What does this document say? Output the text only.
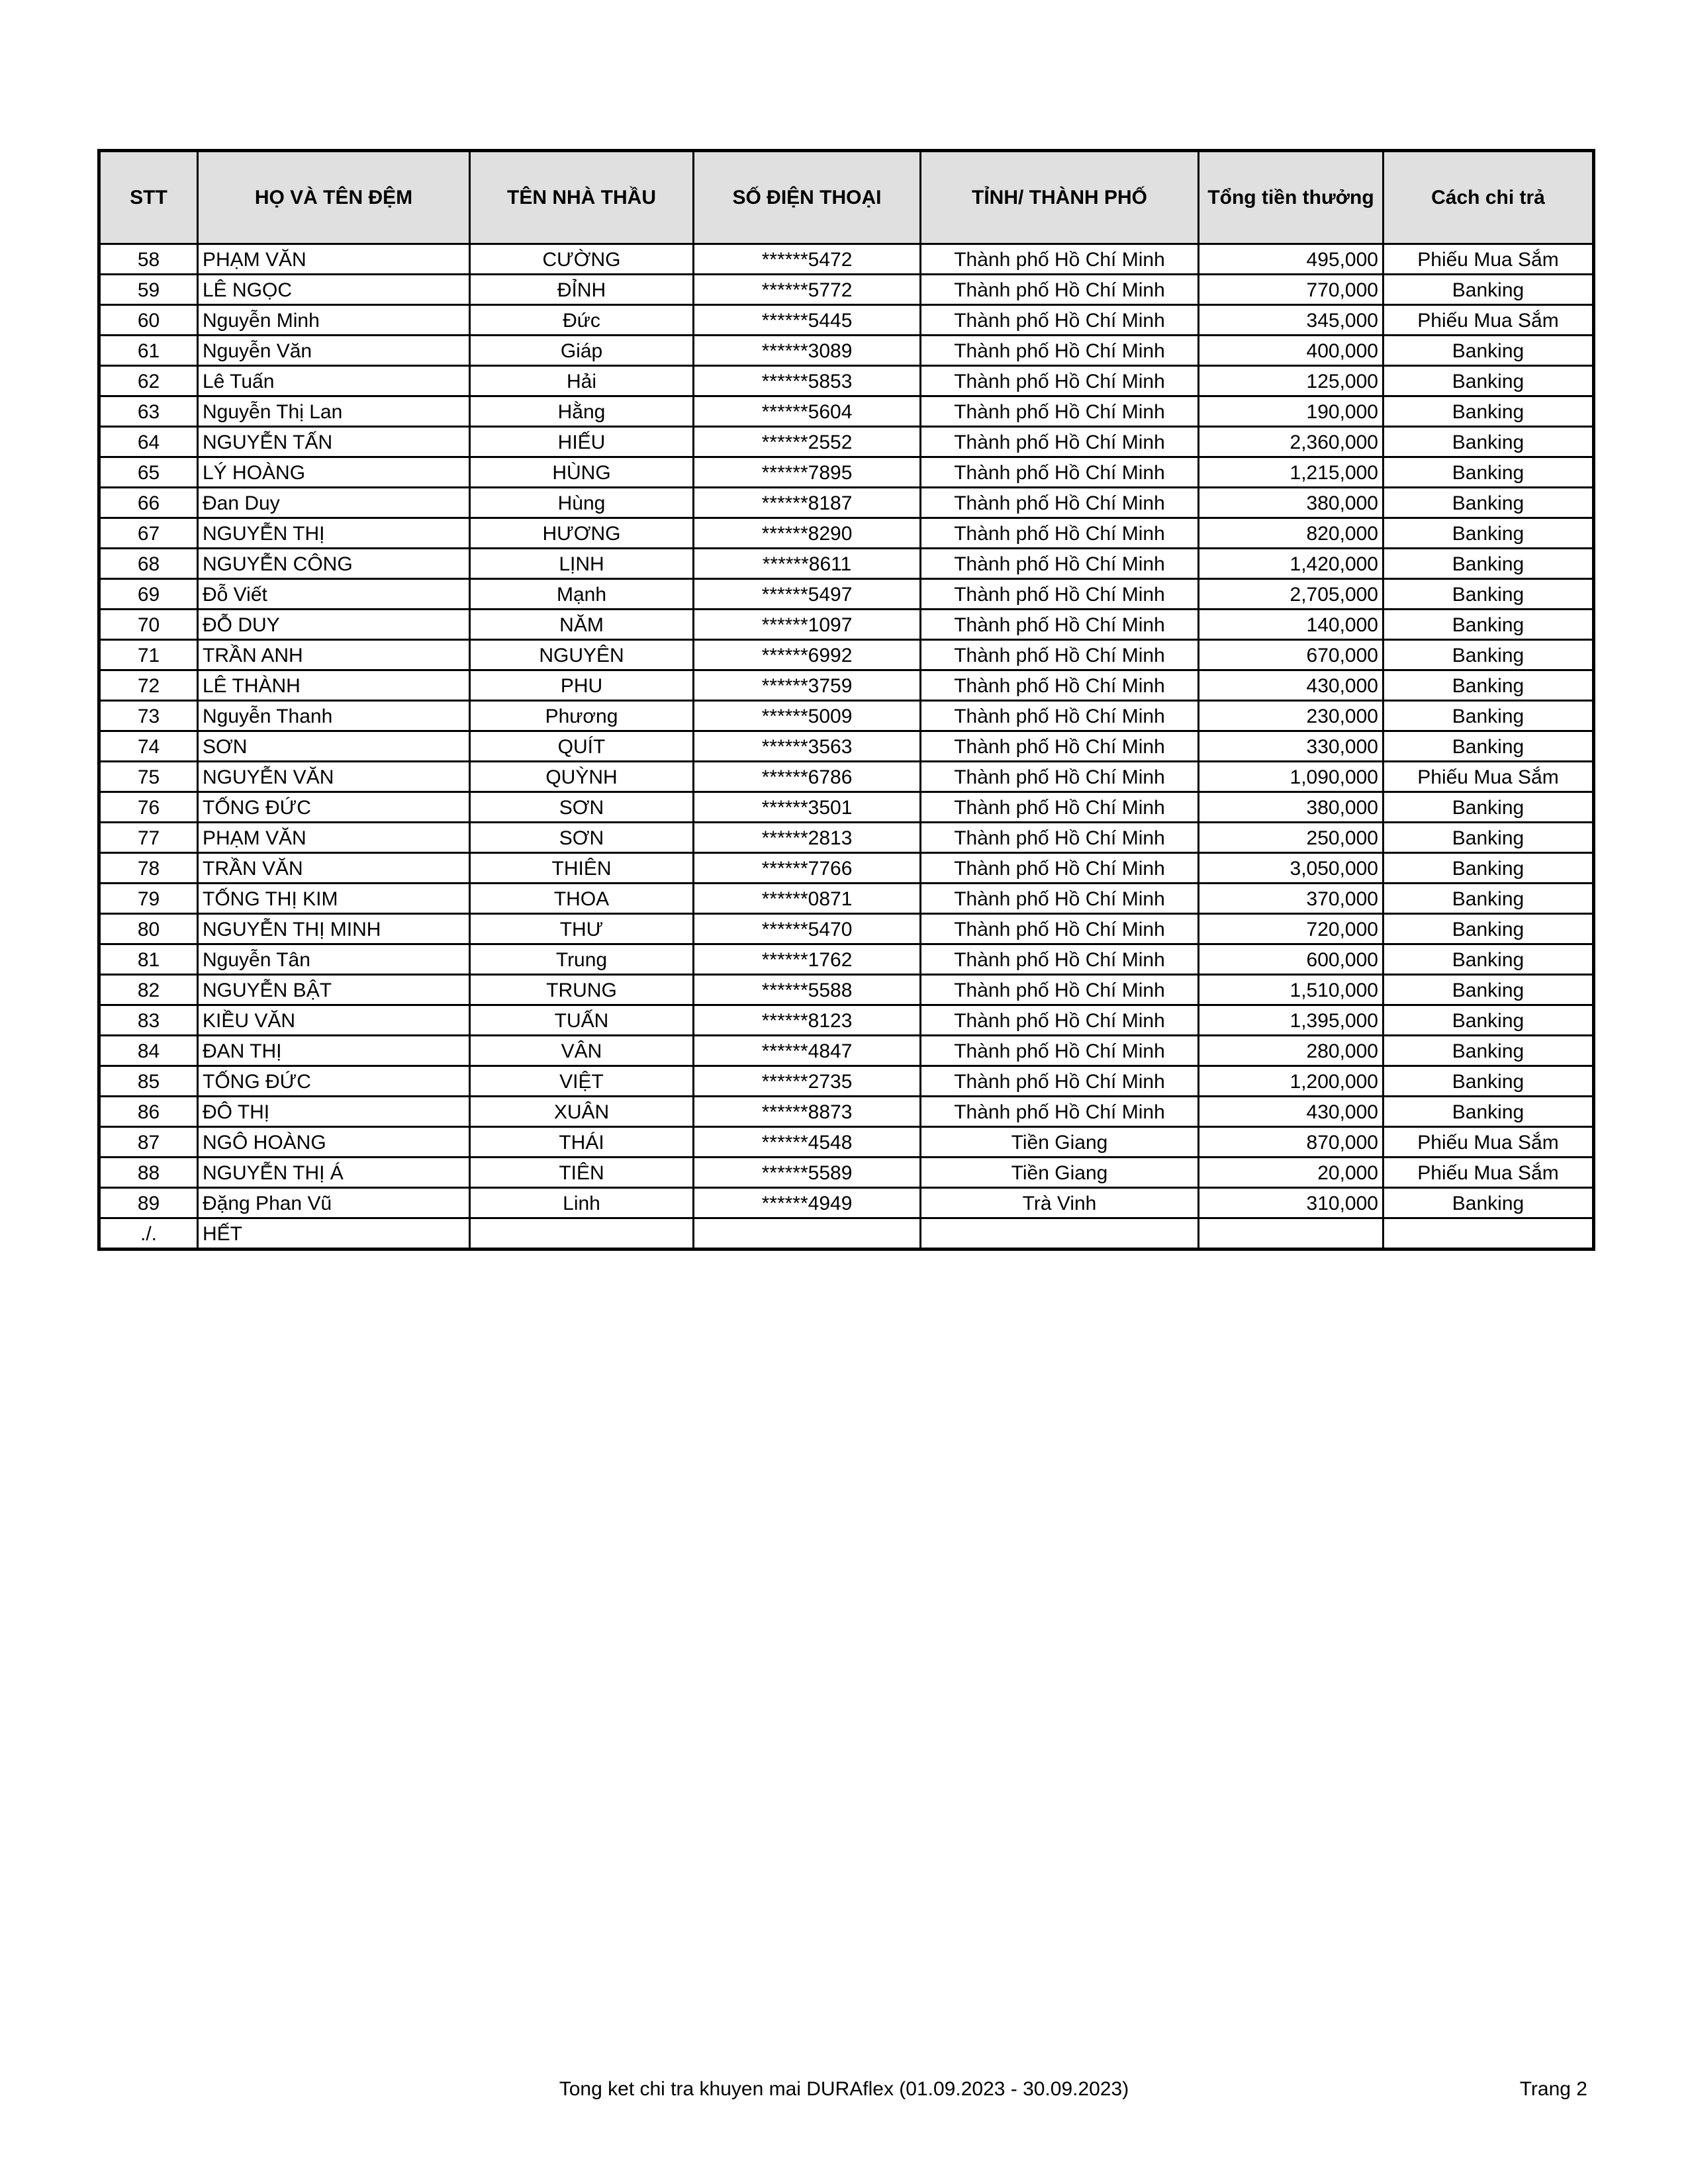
STT	HỌ VÀ TÊN ĐỆM	TÊN NHÀ THẦU	SỐ ĐIỆN THOẠI	TỈNH/ THÀNH PHỐ	Tổng tiền thưởng	Cách chi trả
58	PHẠM VĂN	CƯỜNG	******5472	Thành phố Hồ Chí Minh	495,000	Phiếu Mua Sắm
59	LÊ NGỌC	ĐỈNH	******5772	Thành phố Hồ Chí Minh	770,000	Banking
60	Nguyễn Minh	Đức	******5445	Thành phố Hồ Chí Minh	345,000	Phiếu Mua Sắm
61	Nguyễn Văn	Giáp	******3089	Thành phố Hồ Chí Minh	400,000	Banking
62	Lê Tuấn	Hải	******5853	Thành phố Hồ Chí Minh	125,000	Banking
63	Nguyễn Thị Lan	Hằng	******5604	Thành phố Hồ Chí Minh	190,000	Banking
64	NGUYỄN TẤN	HIẾU	******2552	Thành phố Hồ Chí Minh	2,360,000	Banking
65	LÝ HOÀNG	HÙNG	******7895	Thành phố Hồ Chí Minh	1,215,000	Banking
66	Đan Duy	Hùng	******8187	Thành phố Hồ Chí Minh	380,000	Banking
67	NGUYỄN THỊ	HƯƠNG	******8290	Thành phố Hồ Chí Minh	820,000	Banking
68	NGUYỄN CÔNG	LỊNH	******8611	Thành phố Hồ Chí Minh	1,420,000	Banking
69	Đỗ Viết	Mạnh	******5497	Thành phố Hồ Chí Minh	2,705,000	Banking
70	ĐỖ DUY	NĂM	******1097	Thành phố Hồ Chí Minh	140,000	Banking
71	TRẦN ANH	NGUYÊN	******6992	Thành phố Hồ Chí Minh	670,000	Banking
72	LÊ THÀNH	PHU	******3759	Thành phố Hồ Chí Minh	430,000	Banking
73	Nguyễn Thanh	Phương	******5009	Thành phố Hồ Chí Minh	230,000	Banking
74	SƠN	QUÍT	******3563	Thành phố Hồ Chí Minh	330,000	Banking
75	NGUYỄN VĂN	QUỲNH	******6786	Thành phố Hồ Chí Minh	1,090,000	Phiếu Mua Sắm
76	TỐNG ĐỨC	SƠN	******3501	Thành phố Hồ Chí Minh	380,000	Banking
77	PHẠM VĂN	SƠN	******2813	Thành phố Hồ Chí Minh	250,000	Banking
78	TRẦN VĂN	THIÊN	******7766	Thành phố Hồ Chí Minh	3,050,000	Banking
79	TỐNG THỊ KIM	THOA	******0871	Thành phố Hồ Chí Minh	370,000	Banking
80	NGUYỄN THỊ MINH	THƯ	******5470	Thành phố Hồ Chí Minh	720,000	Banking
81	Nguyễn Tân	Trung	******1762	Thành phố Hồ Chí Minh	600,000	Banking
82	NGUYỄN BẬT	TRUNG	******5588	Thành phố Hồ Chí Minh	1,510,000	Banking
83	KIỀU VĂN	TUẤN	******8123	Thành phố Hồ Chí Minh	1,395,000	Banking
84	ĐAN THỊ	VÂN	******4847	Thành phố Hồ Chí Minh	280,000	Banking
85	TỐNG ĐỨC	VIỆT	******2735	Thành phố Hồ Chí Minh	1,200,000	Banking
86	ĐÔ THỊ	XUÂN	******8873	Thành phố Hồ Chí Minh	430,000	Banking
87	NGÔ HOÀNG	THÁI	******4548	Tiền Giang	870,000	Phiếu Mua Sắm
88	NGUYỄN THỊ Á	TIÊN	******5589	Tiền Giang	20,000	Phiếu Mua Sắm
89	Đặng Phan Vũ	Linh	******4949	Trà Vinh	310,000	Banking
./.	HẾT					
Tong ket chi tra khuyen mai DURAflex (01.09.2023 - 30.09.2023)	Trang 2
